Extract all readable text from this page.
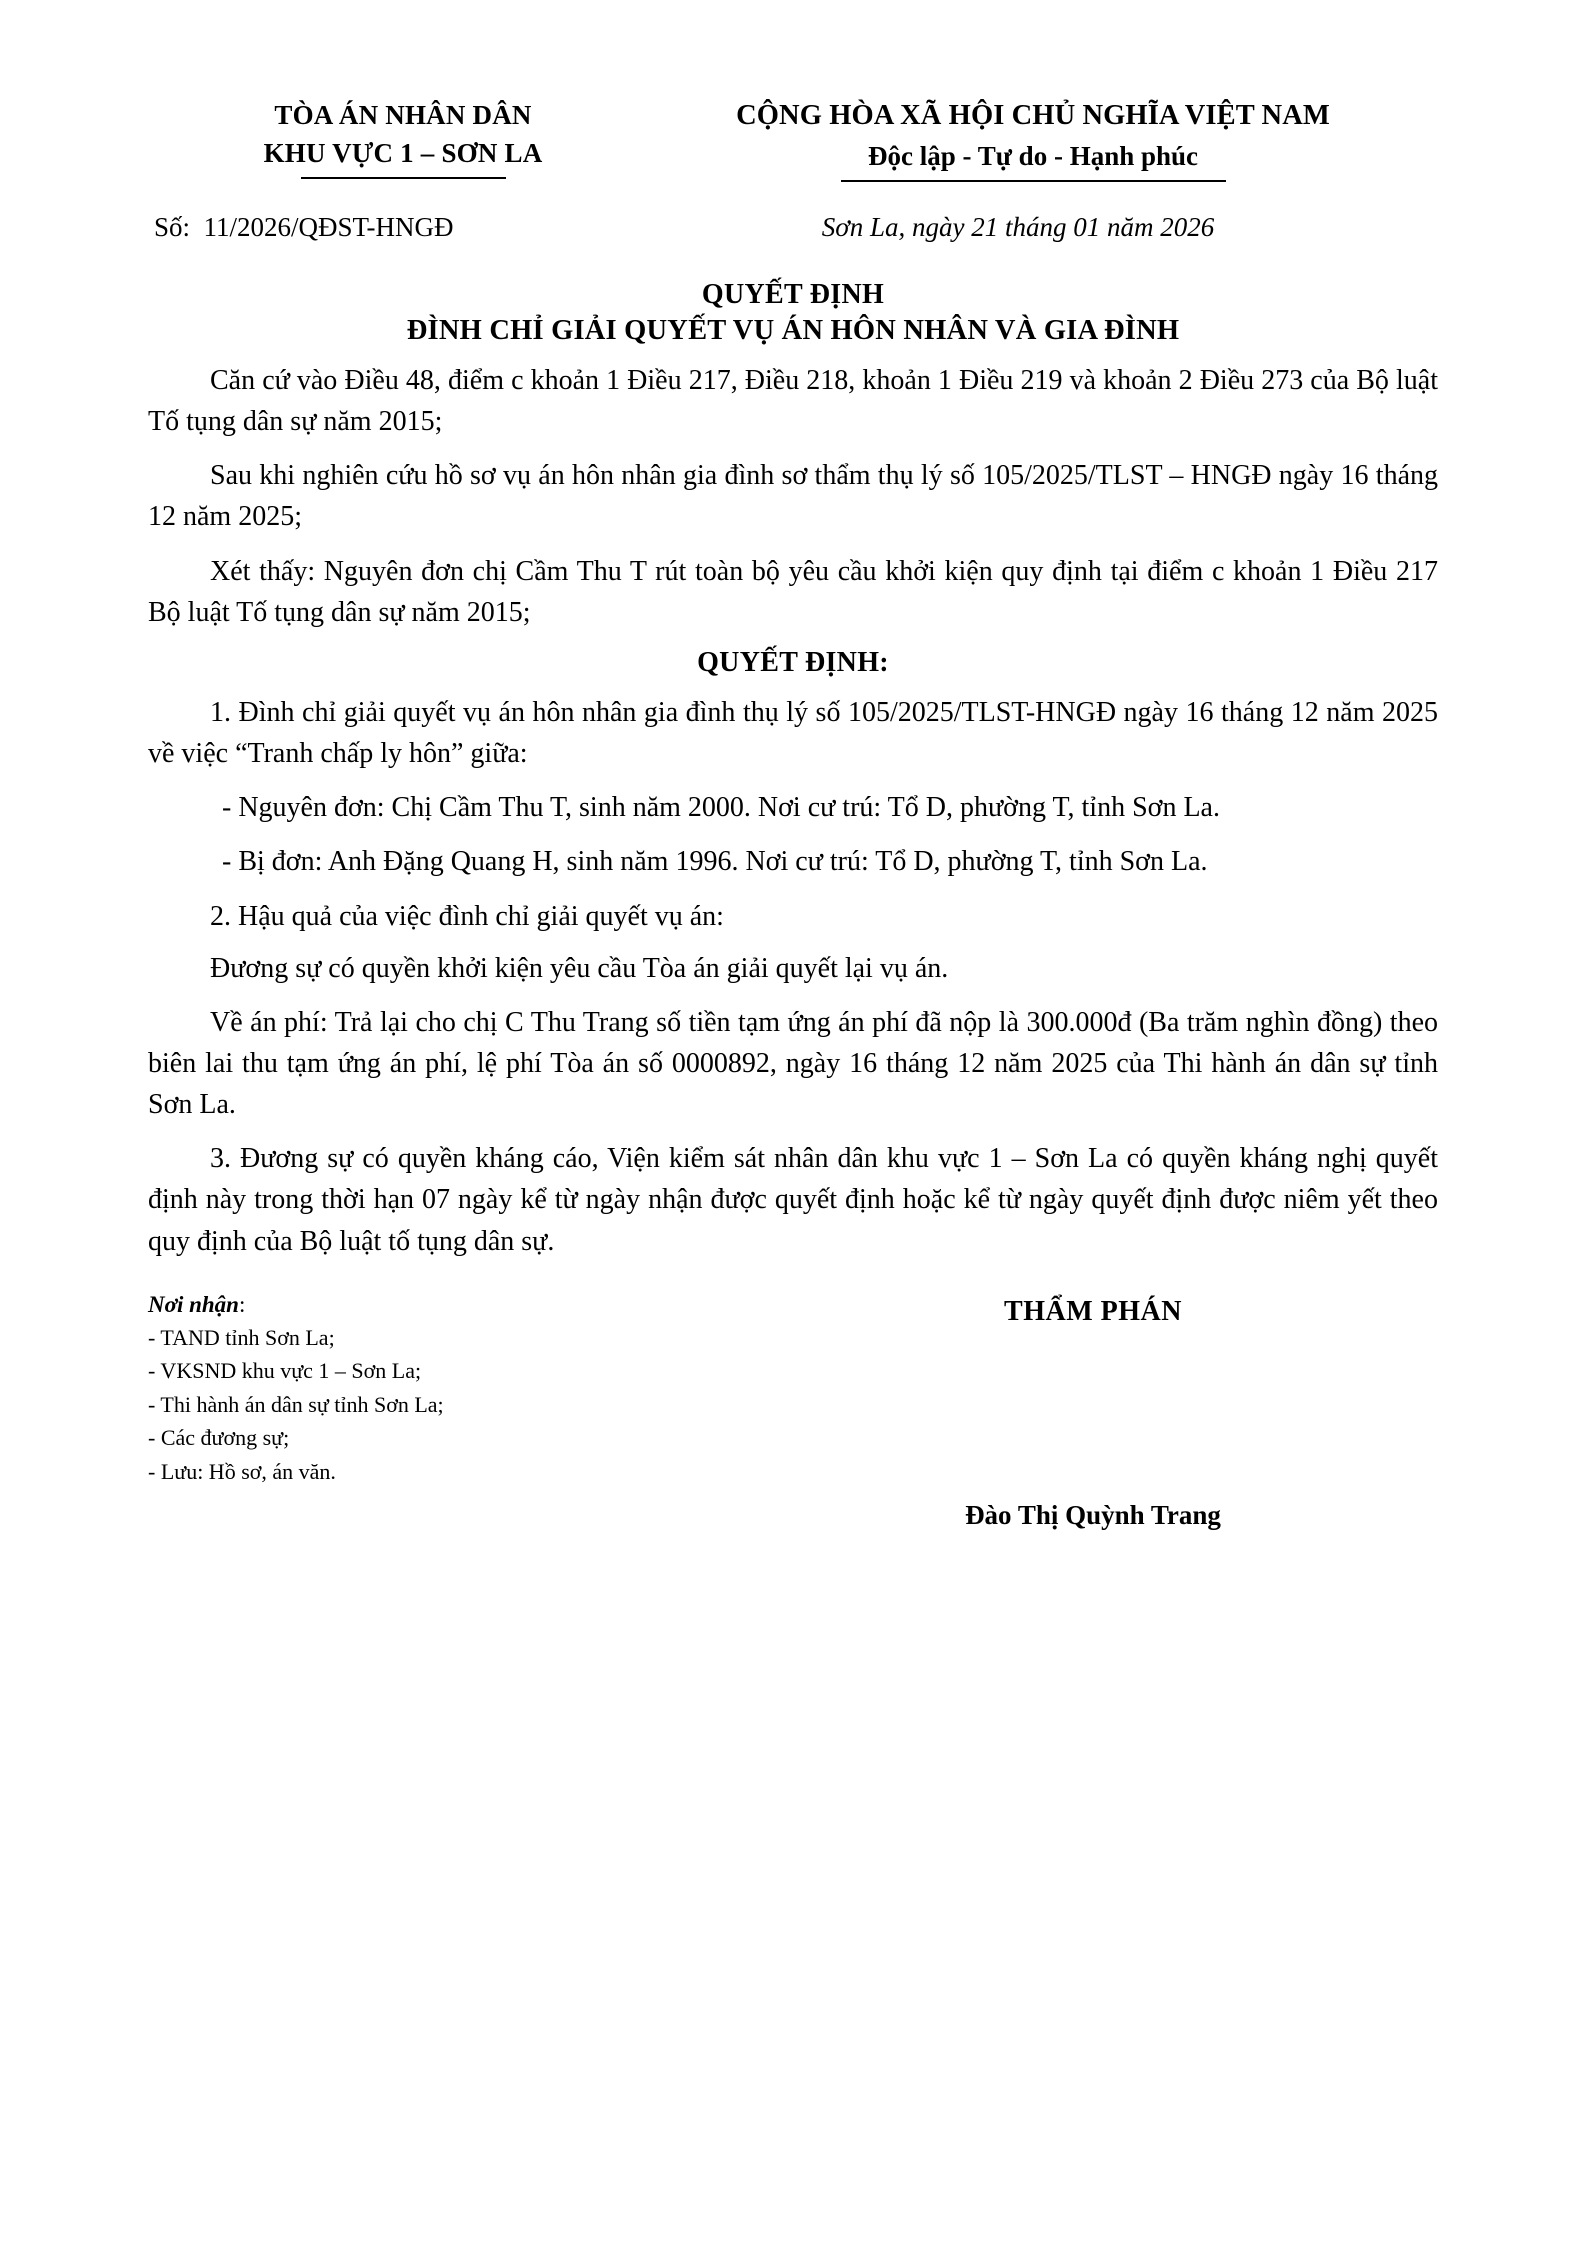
TÒA ÁN NHÂN DÂN
KHU VỰC 1 – SƠN LA
CỘNG HÒA XÃ HỘI CHỦ NGHĨA VIỆT NAM
Độc lập - Tự do - Hạnh phúc
Số:  11/2026/QĐST-HNGĐ	Sơn La, ngày 21 tháng 01 năm 2026
QUYẾT ĐỊNH
ĐÌNH CHỈ GIẢI QUYẾT VỤ ÁN HÔN NHÂN VÀ GIA ĐÌNH
Căn cứ vào Điều 48, điểm c khoản 1 Điều 217, Điều 218, khoản 1 Điều 219 và khoản 2 Điều 273 của Bộ luật Tố tụng dân sự năm 2015;
Sau khi nghiên cứu hồ sơ vụ án hôn nhân gia đình sơ thẩm thụ lý số 105/2025/TLST – HNGĐ ngày 16 tháng 12 năm 2025;
Xét thấy: Nguyên đơn chị Cầm Thu T rút toàn bộ yêu cầu khởi kiện quy định tại điểm c khoản 1 Điều 217 Bộ luật Tố tụng dân sự năm 2015;
QUYẾT ĐỊNH:
1. Đình chỉ giải quyết vụ án hôn nhân gia đình thụ lý số 105/2025/TLST-HNGĐ ngày 16 tháng 12 năm 2025 về việc “Tranh chấp ly hôn” giữa:
- Nguyên đơn: Chị Cầm Thu T, sinh năm 2000. Nơi cư trú: Tổ D, phường T, tỉnh Sơn La.
- Bị đơn: Anh Đặng Quang H, sinh năm 1996. Nơi cư trú: Tổ D, phường T, tỉnh Sơn La.
2. Hậu quả của việc đình chỉ giải quyết vụ án:
Đương sự có quyền khởi kiện yêu cầu Tòa án giải quyết lại vụ án.
Về án phí: Trả lại cho chị C Thu Trang số tiền tạm ứng án phí đã nộp là 300.000đ (Ba trăm nghìn đồng) theo biên lai thu tạm ứng án phí, lệ phí Tòa án số 0000892, ngày 16 tháng 12 năm 2025 của Thi hành án dân sự tỉnh Sơn La.
3. Đương sự có quyền kháng cáo, Viện kiểm sát nhân dân khu vực 1 – Sơn La có quyền kháng nghị quyết định này trong thời hạn 07 ngày kể từ ngày nhận được quyết định hoặc kể từ ngày quyết định được niêm yết theo quy định của Bộ luật tố tụng dân sự.
Nơi nhận:
- TAND tỉnh Sơn La;
- VKSND khu vực 1 – Sơn La;
- Thi hành án dân sự tỉnh Sơn La;
- Các đương sự;
- Lưu: Hồ sơ, án văn.
THẨM PHÁN
Đào Thị Quỳnh Trang
